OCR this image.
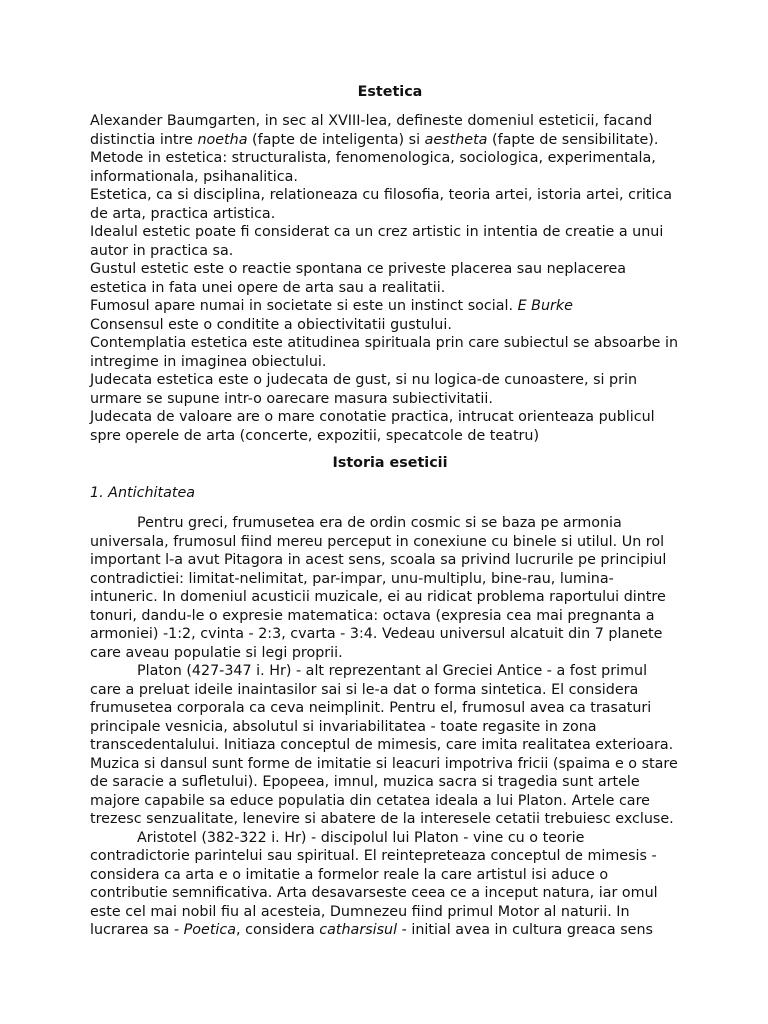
Estetica

Alexander Baumgarten, in sec al XVIII-lea, defineste domeniul esteticii, facand

distinctia intre noetha (fapte de inteligenta) si aestheta (fapte de sensibilitate).

Metode in estetica: structuralista, fenomenologica, sociologica, experimentala,

informationala, psihanalitica.

Estetica, ca si disciplina, relationeaza cu filosofia, teoria artei, istoria artei, critica

de arta, practica artistica.

Idealul estetic poate fi considerat ca un crez artistic in intentia de creatie a unui

autor in practica sa.

Gustul estetic este o reactie spontana ce priveste placerea sau neplacerea

estetica in fata unei opere de arta sau a realitatii.

Fumosul apare numai in societate si este un instinct social. E Burke

Consensul este o conditite a obiectivitatii gustului.

Contemplatia estetica este atitudinea spirituala prin care subiectul se absoarbe in

intregime in imaginea obiectului.

Judecata estetica este o judecata de gust, si nu logica-de cunoastere, si prin

urmare se supune intr-o oarecare masura subiectivitatii.

Judecata de valoare are o mare conotatie practica, intrucat orienteaza publicul

spre operele de arta (concerte, expozitii, specatcole de teatru)

Istoria eseticii
1. Antichitatea

Pentru greci, frumusetea era de ordin cosmic si se baza pe armonia

universala, frumosul fiind mereu perceput in conexiune cu binele si utilul. Un rol

important l-a avut Pitagora in acest sens, scoala sa privind lucrurile pe principiul

contradictiei: limitat-nelimitat, par-impar, unu-multiplu, bine-rau, lumina-

intuneric. In domeniul acusticii muzicale, ei au ridicat problema raportului dintre

tonuri, dandu-le o expresie matematica: octava (expresia cea mai pregnanta a

armoniei) -1:2, cvinta - 2:3, cvarta - 3:4. Vedeau universul alcatuit din 7 planete

care aveau populatie si legi proprii.

Platon (427-347 i. Hr) - alt reprezentant al Greciei Antice - a fost primul

care a preluat ideile inaintasilor sai si le-a dat o forma sintetica. El considera

frumusetea corporala ca ceva neimplinit. Pentru el, frumosul avea ca trasaturi

principale vesnicia, absolutul si invariabilitatea - toate regasite in zona

transcedentalului. Initiaza conceptul de mimesis, care imita realitatea exterioara.

Muzica si dansul sunt forme de imitatie si leacuri impotriva fricii (spaima e o stare

de saracie a sufletului). Epopeea, imnul, muzica sacra si tragedia sunt artele

majore capabile sa educe populatia din cetatea ideala a lui Platon. Artele care

trezesc senzualitate, lenevire si abatere de la interesele cetatii trebuiesc excluse.

Aristotel (382-322 i. Hr) - discipolul lui Platon - vine cu o teorie

contradictorie parintelui sau spiritual. El reintepreteaza conceptul de mimesis -

considera ca arta e o imitatie a formelor reale la care artistul isi aduce o

contributie semnificativa. Arta desavarseste ceea ce a inceput natura, iar omul

este cel mai nobil fiu al acesteia, Dumnezeu fiind primul Motor al naturii. In

lucrarea sa - Poetica, considera catharsisul - initial avea in cultura greaca sens
